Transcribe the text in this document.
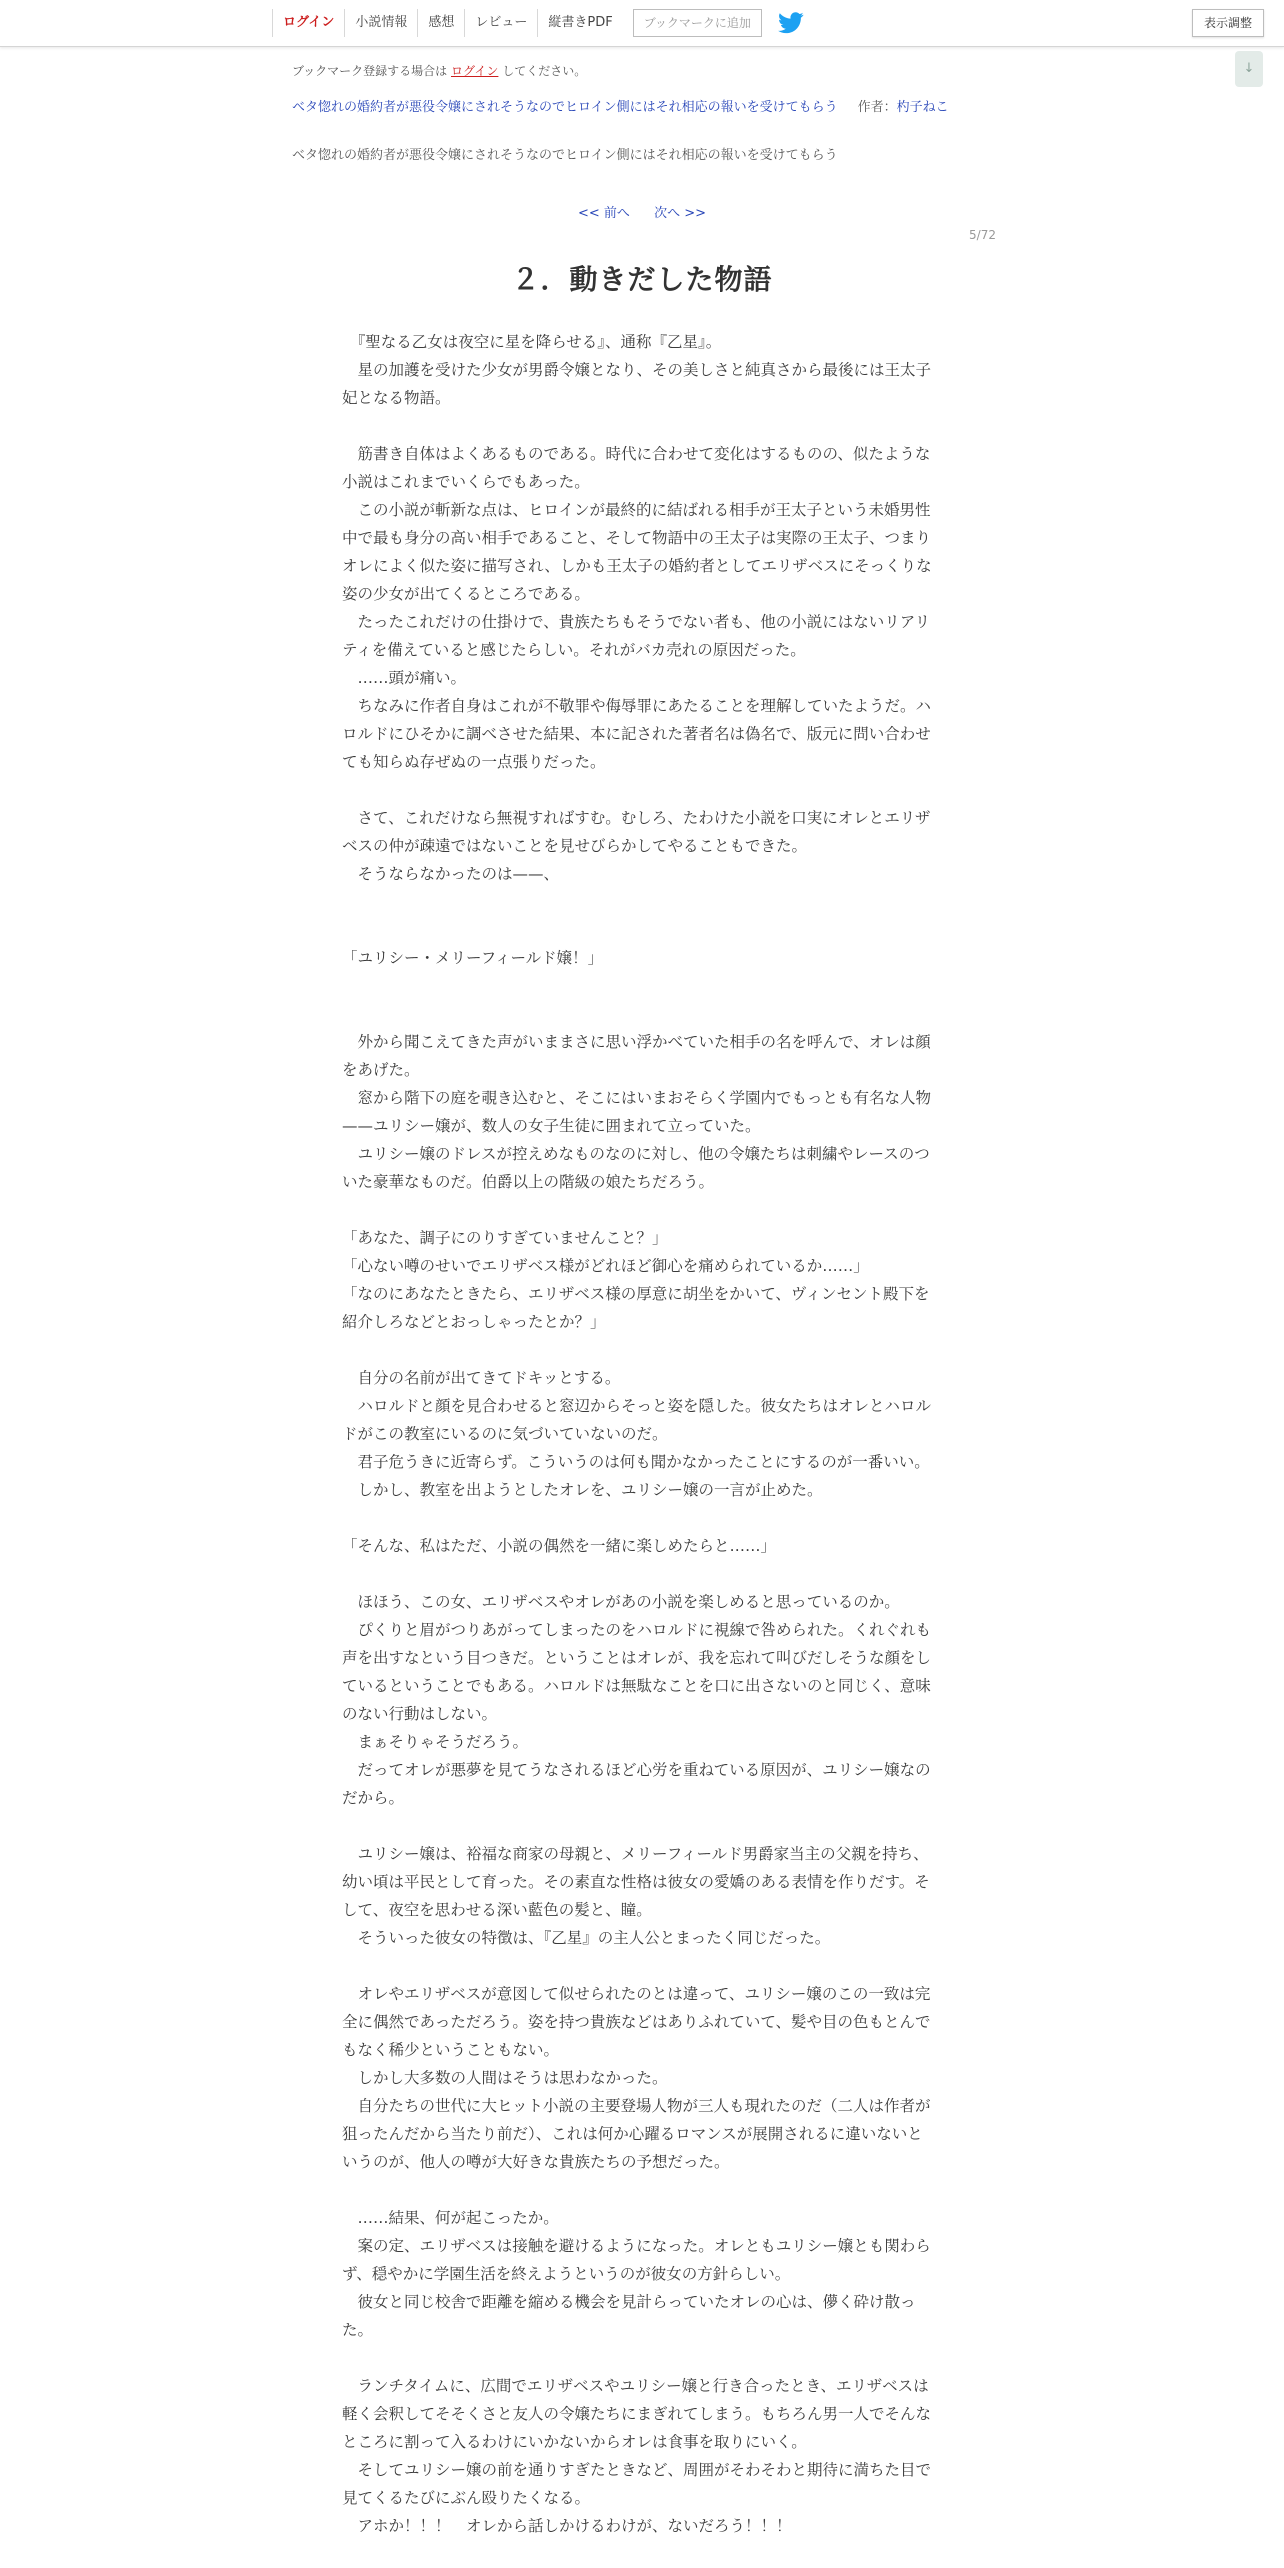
ログイン	小説情報	感想	レビュー	縦書きPDF	ブックマークに追加	表示調整
↓
ブックマーク登録する場合は ログイン してください。
ベタ惚れの婚約者が悪役令嬢にされそうなのでヒロイン側にはそれ相応の報いを受けてもらう 作者：杓子ねこ
ベタ惚れの婚約者が悪役令嬢にされそうなのでヒロイン側にはそれ相応の報いを受けてもらう
<< 前へ 次へ >>
5/72
２．動きだした物語

　『聖なる乙女は夜空に星を降らせる』、通称『乙星』。

　星の加護を受けた少女が男爵令嬢となり、その美しさと純真さから最後には王太子妃となる物語。

　筋書き自体はよくあるものである。時代に合わせて変化はするものの、似たような小説はこれまでいくらでもあった。

　この小説が斬新な点は、ヒロインが最終的に結ばれる相手が王太子という未婚男性中で最も身分の高い相手であること、そして物語中の王太子は実際の王太子、つまりオレによく似た姿に描写され、しかも王太子の婚約者としてエリザベスにそっくりな姿の少女が出てくるところである。

　たったこれだけの仕掛けで、貴族たちもそうでない者も、他の小説にはないリアリティを備えていると感じたらしい。それがバカ売れの原因だった。

　……頭が痛い。

　ちなみに作者自身はこれが不敬罪や侮辱罪にあたることを理解していたようだ。ハロルドにひそかに調べさせた結果、本に記された著者名は偽名で、版元に問い合わせても知らぬ存ぜぬの一点張りだった。

　さて、これだけなら無視すればすむ。むしろ、たわけた小説を口実にオレとエリザベスの仲が疎遠ではないことを見せびらかしてやることもできた。

　そうならなかったのは——、

「ユリシー・メリーフィールド嬢！」

　外から聞こえてきた声がいままさに思い浮かべていた相手の名を呼んで、オレは顔をあげた。

　窓から階下の庭を覗き込むと、そこにはいまおそらく学園内でもっとも有名な人物——ユリシー嬢が、数人の女子生徒に囲まれて立っていた。

　ユリシー嬢のドレスが控えめなものなのに対し、他の令嬢たちは刺繍やレースのついた豪華なものだ。伯爵以上の階級の娘たちだろう。

「あなた、調子にのりすぎていませんこと？」

「心ない噂のせいでエリザベス様がどれほど御心を痛められているか……」

「なのにあなたときたら、エリザベス様の厚意に胡坐をかいて、ヴィンセント殿下を紹介しろなどとおっしゃったとか？」

　自分の名前が出てきてドキッとする。

　ハロルドと顔を見合わせると窓辺からそっと姿を隠した。彼女たちはオレとハロルドがこの教室にいるのに気づいていないのだ。

　君子危うきに近寄らず。こういうのは何も聞かなかったことにするのが一番いい。

　しかし、教室を出ようとしたオレを、ユリシー嬢の一言が止めた。

「そんな、私はただ、小説の偶然を一緒に楽しめたらと……」

　ほほう、この女、エリザベスやオレがあの小説を楽しめると思っているのか。

　ぴくりと眉がつりあがってしまったのをハロルドに視線で咎められた。くれぐれも声を出すなという目つきだ。ということはオレが、我を忘れて叫びだしそうな顔をしているということでもある。ハロルドは無駄なことを口に出さないのと同じく、意味のない行動はしない。

　まぁそりゃそうだろう。

　だってオレが悪夢を見てうなされるほど心労を重ねている原因が、ユリシー嬢なのだから。

　ユリシー嬢は、裕福な商家の母親と、メリーフィールド男爵家当主の父親を持ち、幼い頃は平民として育った。その素直な性格は彼女の愛嬌のある表情を作りだす。そして、夜空を思わせる深い藍色の髪と、瞳。

　そういった彼女の特徴は、『乙星』の主人公とまったく同じだった。

　オレやエリザベスが意図して似せられたのとは違って、ユリシー嬢のこの一致は完全に偶然であっただろう。姿を持つ貴族などはありふれていて、髪や目の色もとんでもなく稀少ということもない。

　しかし大多数の人間はそうは思わなかった。

　自分たちの世代に大ヒット小説の主要登場人物が三人も現れたのだ（二人は作者が狙ったんだから当たり前だ）、これは何か心躍るロマンスが展開されるに違いないというのが、他人の噂が大好きな貴族たちの予想だった。

　……結果、何が起こったか。

　案の定、エリザベスは接触を避けるようになった。オレともユリシー嬢とも関わらず、穏やかに学園生活を終えようというのが彼女の方針らしい。

　彼女と同じ校舎で距離を縮める機会を見計らっていたオレの心は、儚く砕け散った。

　ランチタイムに、広間でエリザベスやユリシー嬢と行き合ったとき、エリザベスは軽く会釈してそそくさと友人の令嬢たちにまぎれてしまう。もちろん男一人でそんなところに割って入るわけにいかないからオレは食事を取りにいく。

　そしてユリシー嬢の前を通りすぎたときなど、周囲がそわそわと期待に満ちた目で見てくるたびにぶん殴りたくなる。

　アホか！！！　オレから話しかけるわけが、ないだろう！！！
